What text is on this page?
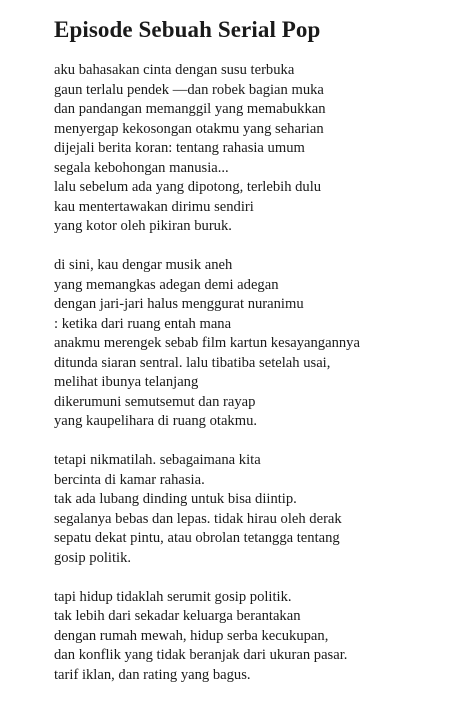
Episode Sebuah Serial Pop
aku bahasakan cinta dengan susu terbuka
gaun terlalu pendek —dan robek bagian muka
dan pandangan memanggil yang memabukkan
menyergap kekosongan otakmu yang seharian
dijejali berita koran: tentang rahasia umum
segala kebohongan manusia...
lalu sebelum ada yang dipotong, terlebih dulu
kau mentertawakan dirimu sendiri
yang kotor oleh pikiran buruk.
di sini, kau dengar musik aneh
yang memangkas adegan demi adegan
dengan jari-jari halus menggurat nuranimu
: ketika dari ruang entah mana
anakmu merengek sebab film kartun kesayangannya
ditunda siaran sentral. lalu tibatiba setelah usai,
melihat ibunya telanjang
dikerumuni semutsemut dan rayap
yang kaupelihara di ruang otakmu.
tetapi nikmatilah. sebagaimana kita
bercinta di kamar rahasia.
tak ada lubang dinding untuk bisa diintip.
segalanya bebas dan lepas. tidak hirau oleh derak
sepatu dekat pintu, atau obrolan tetangga tentang
gosip politik.
tapi hidup tidaklah serumit gosip politik.
tak lebih dari sekadar keluarga berantakan
dengan rumah mewah, hidup serba kecukupan,
dan konflik yang tidak beranjak dari ukuran pasar.
tarif iklan, dan rating yang bagus.
